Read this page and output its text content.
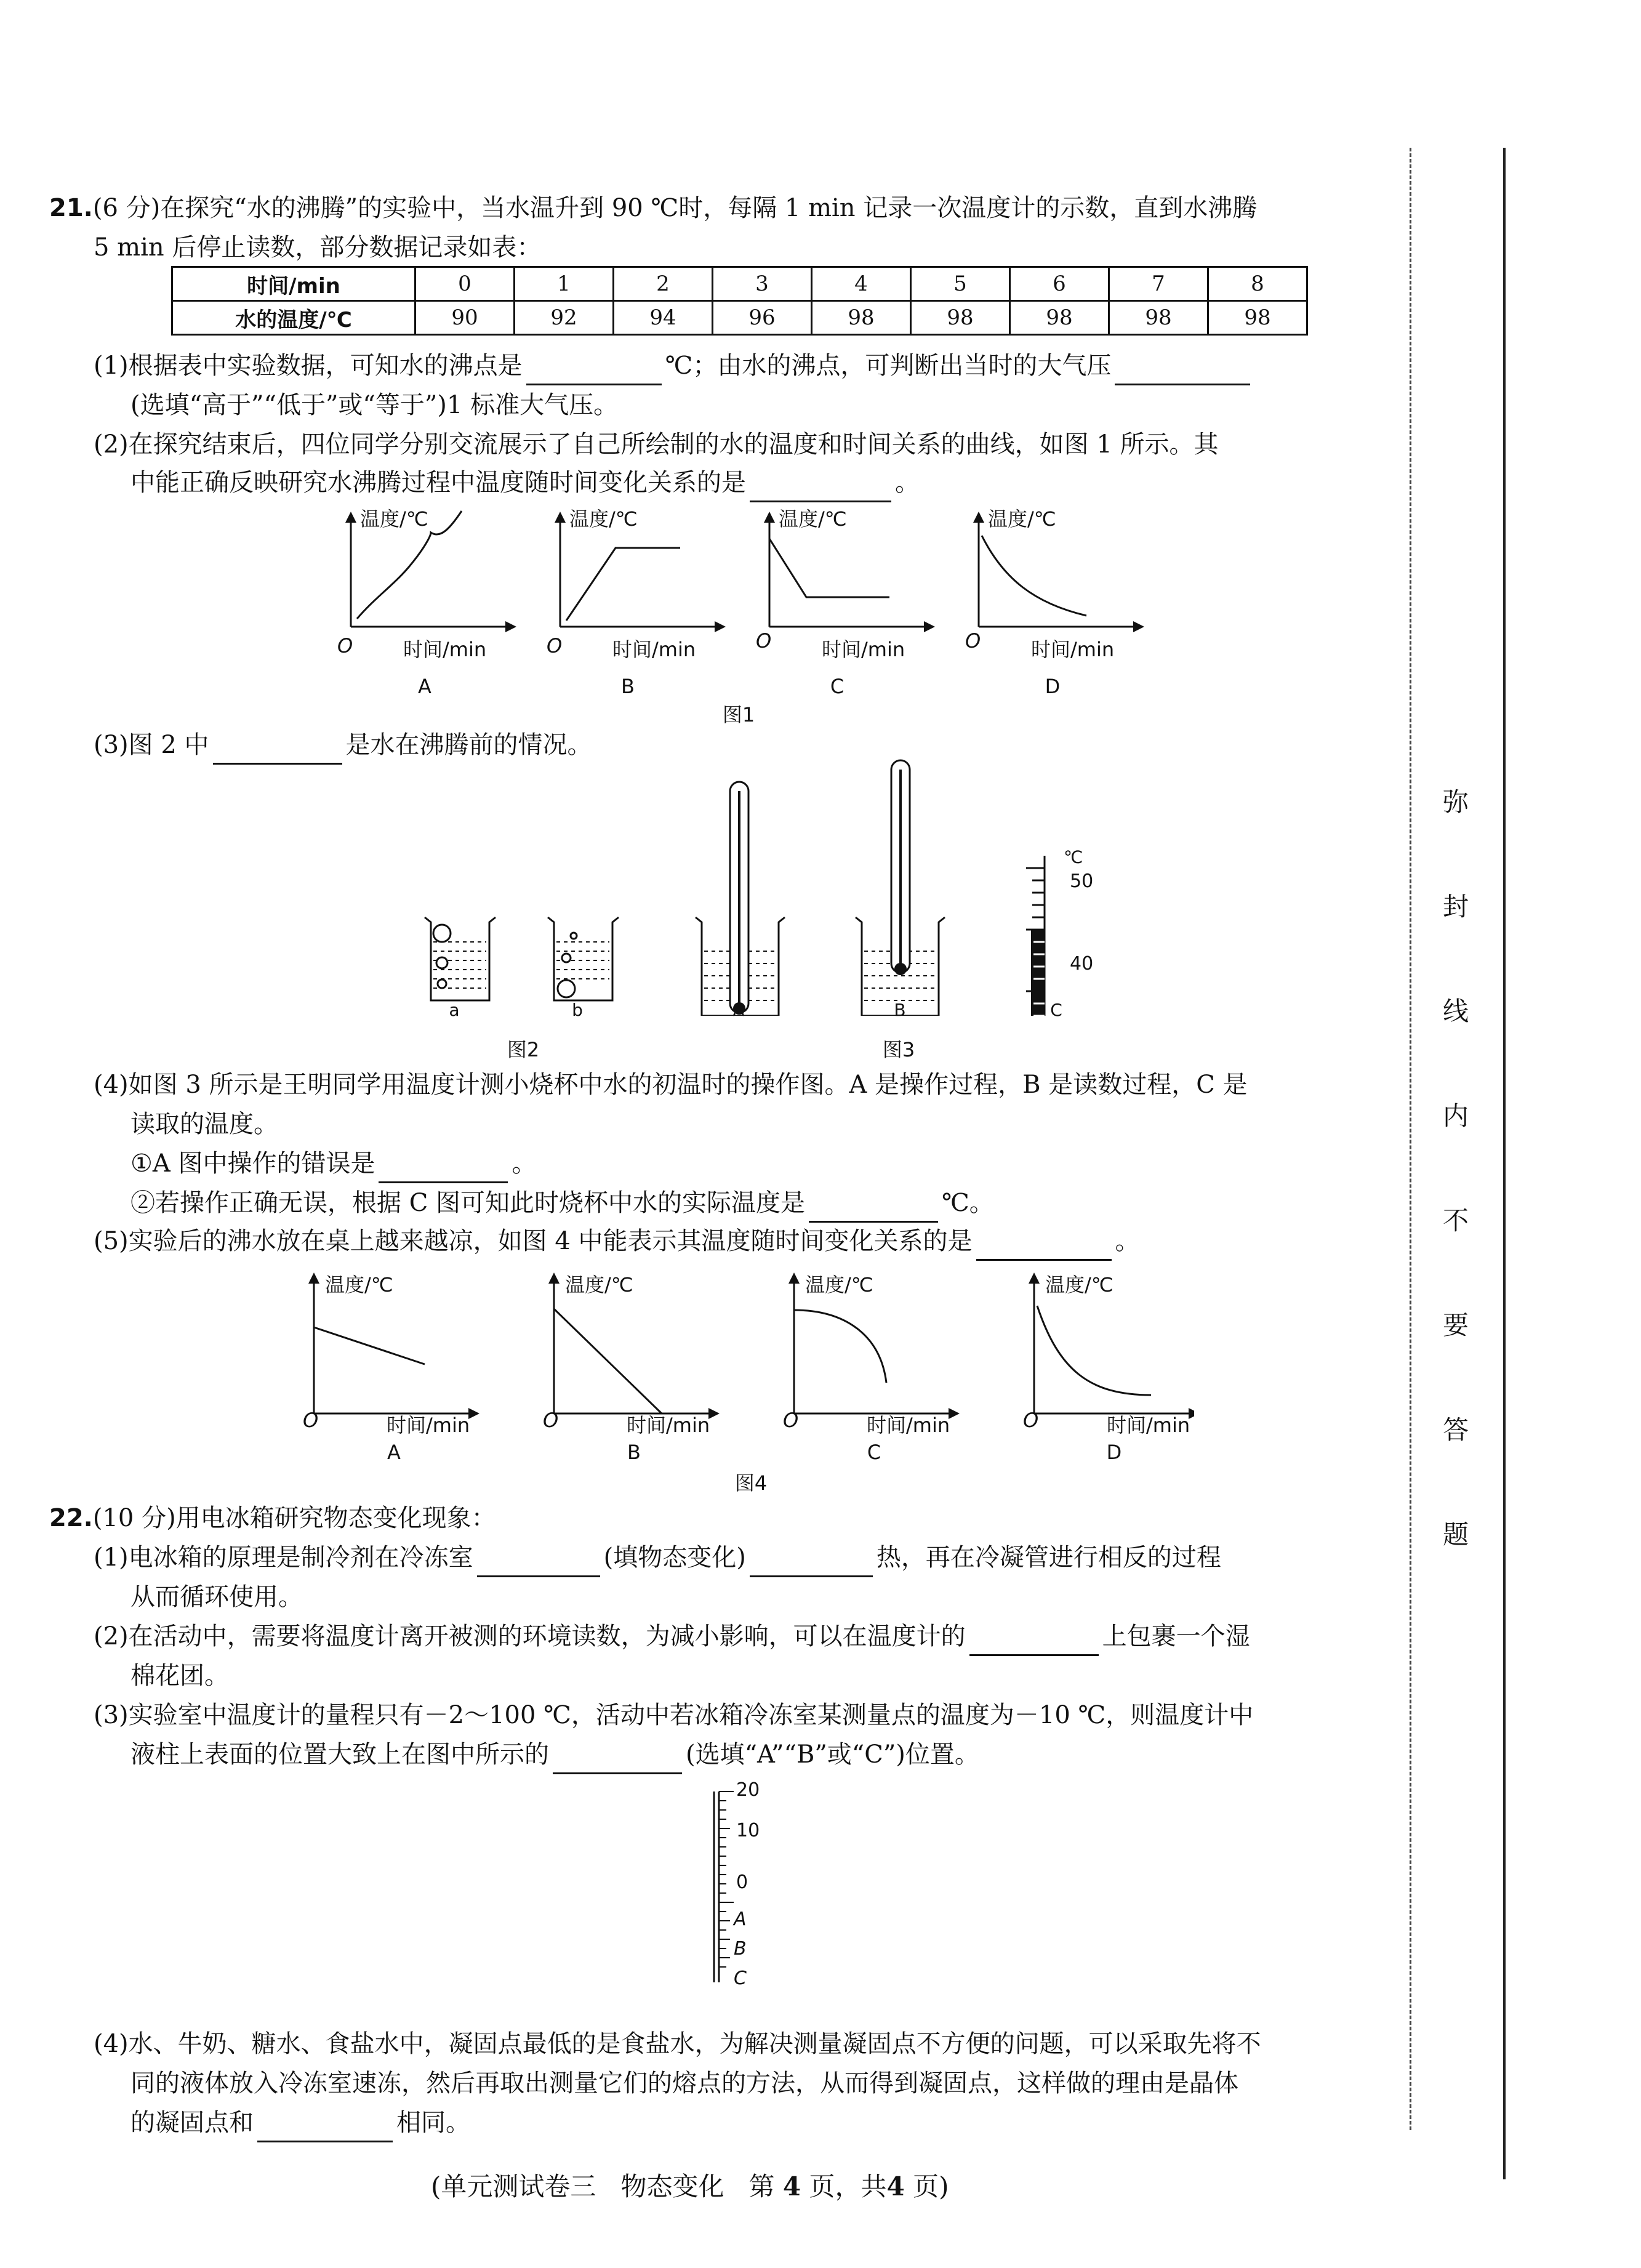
21.(6 分)在探究“水的沸腾”的实验中，当水温升到 90 ℃时，每隔 1 min 记录一次温度计的示数，直到水沸腾
5 min 后停止读数，部分数据记录如表：
时间/min	0	1	2	3	4	5	6	7	8
水的温度/℃	90	92	94	96	98	98	98	98	98
(1)根据表中实验数据，可知水的沸点是	℃；由水的沸点，可判断出当时的大气压
(选填“高于”“低于”或“等于”)1 标准大气压。
(2)在探究结束后，四位同学分别交流展示了自己所绘制的水的温度和时间关系的曲线，如图 1 所示。其
中能正确反映研究水沸腾过程中温度随时间变化关系的是	。
温度/℃	温度/℃	温度/℃	温度/℃
O	O	O	O
时间/min	时间/min	时间/min	时间/min
A	B	C	D
图1
(3)图 2 中	是水在沸腾前的情况。
℃
50
40
a	b	A	B	C
图2	图3
(4)如图 3 所示是王明同学用温度计测小烧杯中水的初温时的操作图。A 是操作过程，B 是读数过程，C 是
读取的温度。
①A 图中操作的错误是	。
②若操作正确无误，根据 C 图可知此时烧杯中水的实际温度是	℃。
(5)实验后的沸水放在桌上越来越凉，如图 4 中能表示其温度随时间变化关系的是	。
温度/℃	温度/℃	温度/℃	温度/℃
O	O	O	O
时间/min	时间/min	时间/min	时间/min
A	B	C	D
图4
22.(10 分)用电冰箱研究物态变化现象：
(1)电冰箱的原理是制冷剂在冷冻室	(填物态变化)	热，再在冷凝管进行相反的过程
从而循环使用。
(2)在活动中，需要将温度计离开被测的环境读数，为减小影响，可以在温度计的	上包裹一个湿
棉花团。
(3)实验室中温度计的量程只有－2～100 ℃，活动中若冰箱冷冻室某测量点的温度为－10 ℃，则温度计中
液柱上表面的位置大致上在图中所示的	(选填“A”“B”或“C”)位置。
20
10
0
A
B
C
(4)水、牛奶、糖水、食盐水中，凝固点最低的是食盐水，为解决测量凝固点不方便的问题，可以采取先将不
同的液体放入冷冻室速冻，然后再取出测量它们的熔点的方法，从而得到凝固点，这样做的理由是晶体
的凝固点和	相同。
(单元测试卷三 物态变化 第 4 页，共4 页)
弥
封
线
内
不
要
答
题
